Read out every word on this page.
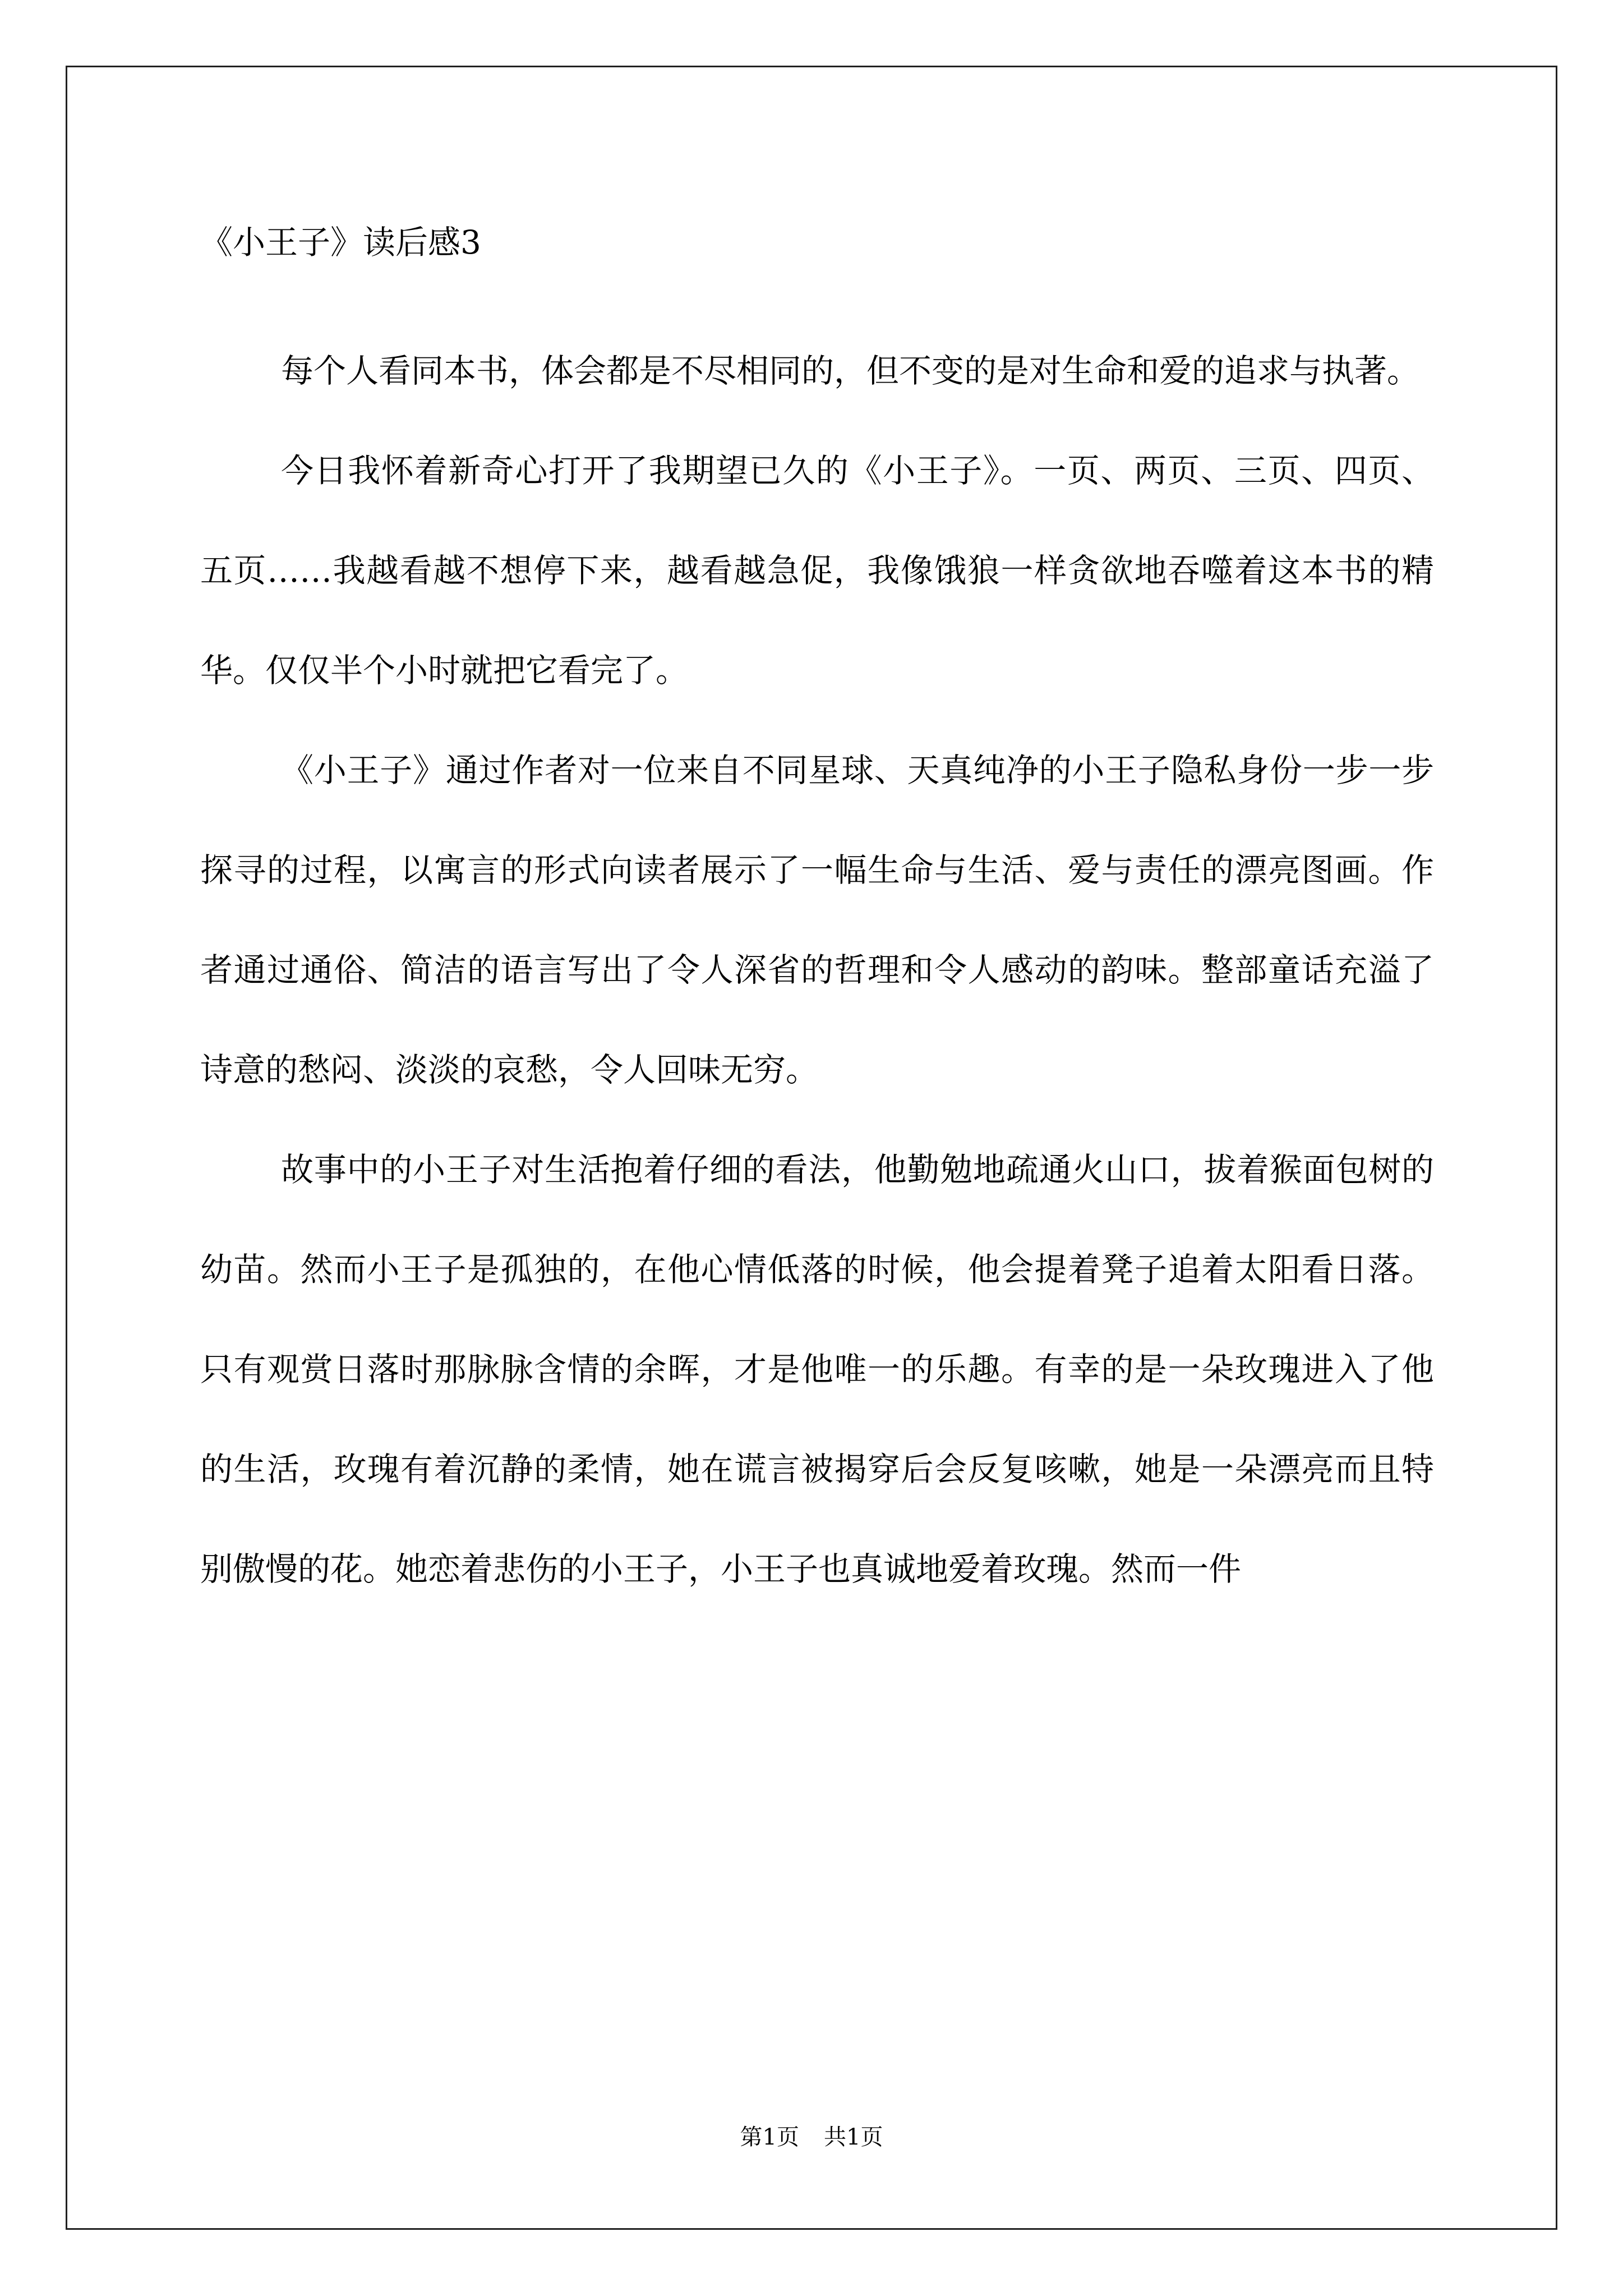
《小王子》读后感3

每个人看同本书，体会都是不尽相同的，但不变的是对生命和爱的追求与执著。

今日我怀着新奇心打开了我期望已久的《小王子》。一页、两页、三页、四页、五页……我越看越不想停下来，越看越急促，我像饿狼一样贪欲地吞噬着这本书的精华。仅仅半个小时就把它看完了。

《小王子》通过作者对一位来自不同星球、天真纯净的小王子隐私身份一步一步探寻的过程，以寓言的形式向读者展示了一幅生命与生活、爱与责任的漂亮图画。作者通过通俗、简洁的语言写出了令人深省的哲理和令人感动的韵味。整部童话充溢了诗意的愁闷、淡淡的哀愁，令人回味无穷。

故事中的小王子对生活抱着仔细的看法，他勤勉地疏通火山口，拔着猴面包树的幼苗。然而小王子是孤独的，在他心情低落的时候，他会提着凳子追着太阳看日落。只有观赏日落时那脉脉含情的余晖，才是他唯一的乐趣。有幸的是一朵玫瑰进入了他的生活，玫瑰有着沉静的柔情，她在谎言被揭穿后会反复咳嗽，她是一朵漂亮而且特别傲慢的花。她恋着悲伤的小王子，小王子也真诚地爱着玫瑰。然而一件

第1页 共1页
